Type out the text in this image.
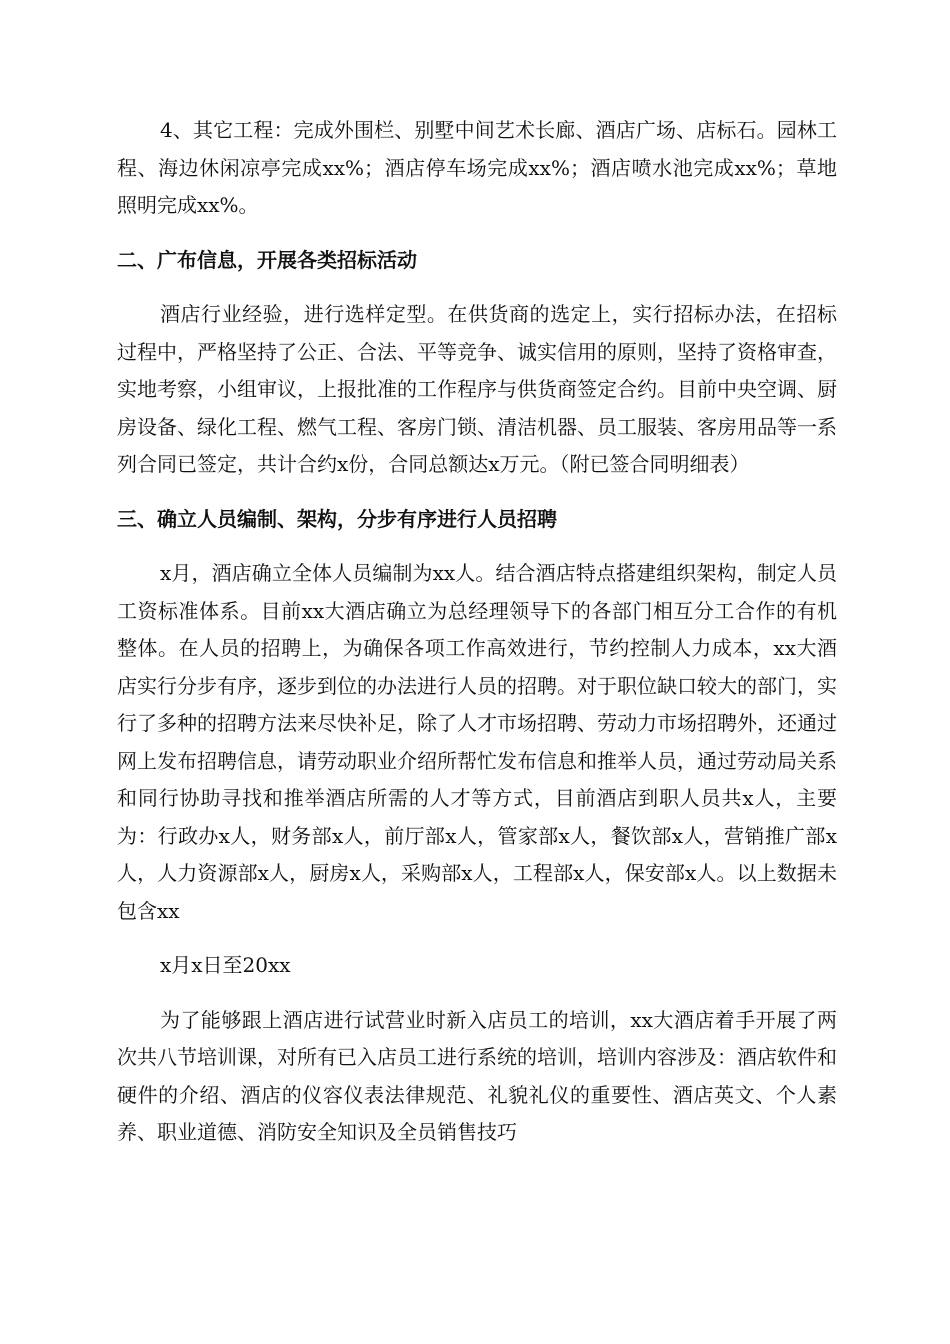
4、其它工程：完成外围栏、别墅中间艺术长廊、酒店广场、店标石。园林工程、海边休闲凉亭完成xx%；酒店停车场完成xx%；酒店喷水池完成xx%；草地照明完成xx%。

二、广布信息，开展各类招标活动

酒店行业经验，进行选样定型。在供货商的选定上，实行招标办法，在招标过程中，严格坚持了公正、合法、平等竞争、诚实信用的原则，坚持了资格审查，实地考察，小组审议，上报批准的工作程序与供货商签定合约。目前中央空调、厨房设备、绿化工程、燃气工程、客房门锁、清洁机器、员工服装、客房用品等一系列合同已签定，共计合约x份，合同总额达x万元。（附已签合同明细表）

三、确立人员编制、架构，分步有序进行人员招聘

x月，酒店确立全体人员编制为xx人。结合酒店特点搭建组织架构，制定人员工资标准体系。目前xx大酒店确立为总经理领导下的各部门相互分工合作的有机整体。在人员的招聘上，为确保各项工作高效进行，节约控制人力成本，xx大酒店实行分步有序，逐步到位的办法进行人员的招聘。对于职位缺口较大的部门，实行了多种的招聘方法来尽快补足，除了人才市场招聘、劳动力市场招聘外，还通过网上发布招聘信息，请劳动职业介绍所帮忙发布信息和推举人员，通过劳动局关系和同行协助寻找和推举酒店所需的人才等方式，目前酒店到职人员共x人，主要为：行政办x人，财务部x人，前厅部x人，管家部x人，餐饮部x人，营销推广部x人，人力资源部x人，厨房x人，采购部x人，工程部x人，保安部x人。以上数据未包含xx

x月x日至20xx

为了能够跟上酒店进行试营业时新入店员工的培训，xx大酒店着手开展了两次共八节培训课，对所有已入店员工进行系统的培训，培训内容涉及：酒店软件和硬件的介绍、酒店的仪容仪表法律规范、礼貌礼仪的重要性、酒店英文、个人素养、职业道德、消防安全知识及全员销售技巧
